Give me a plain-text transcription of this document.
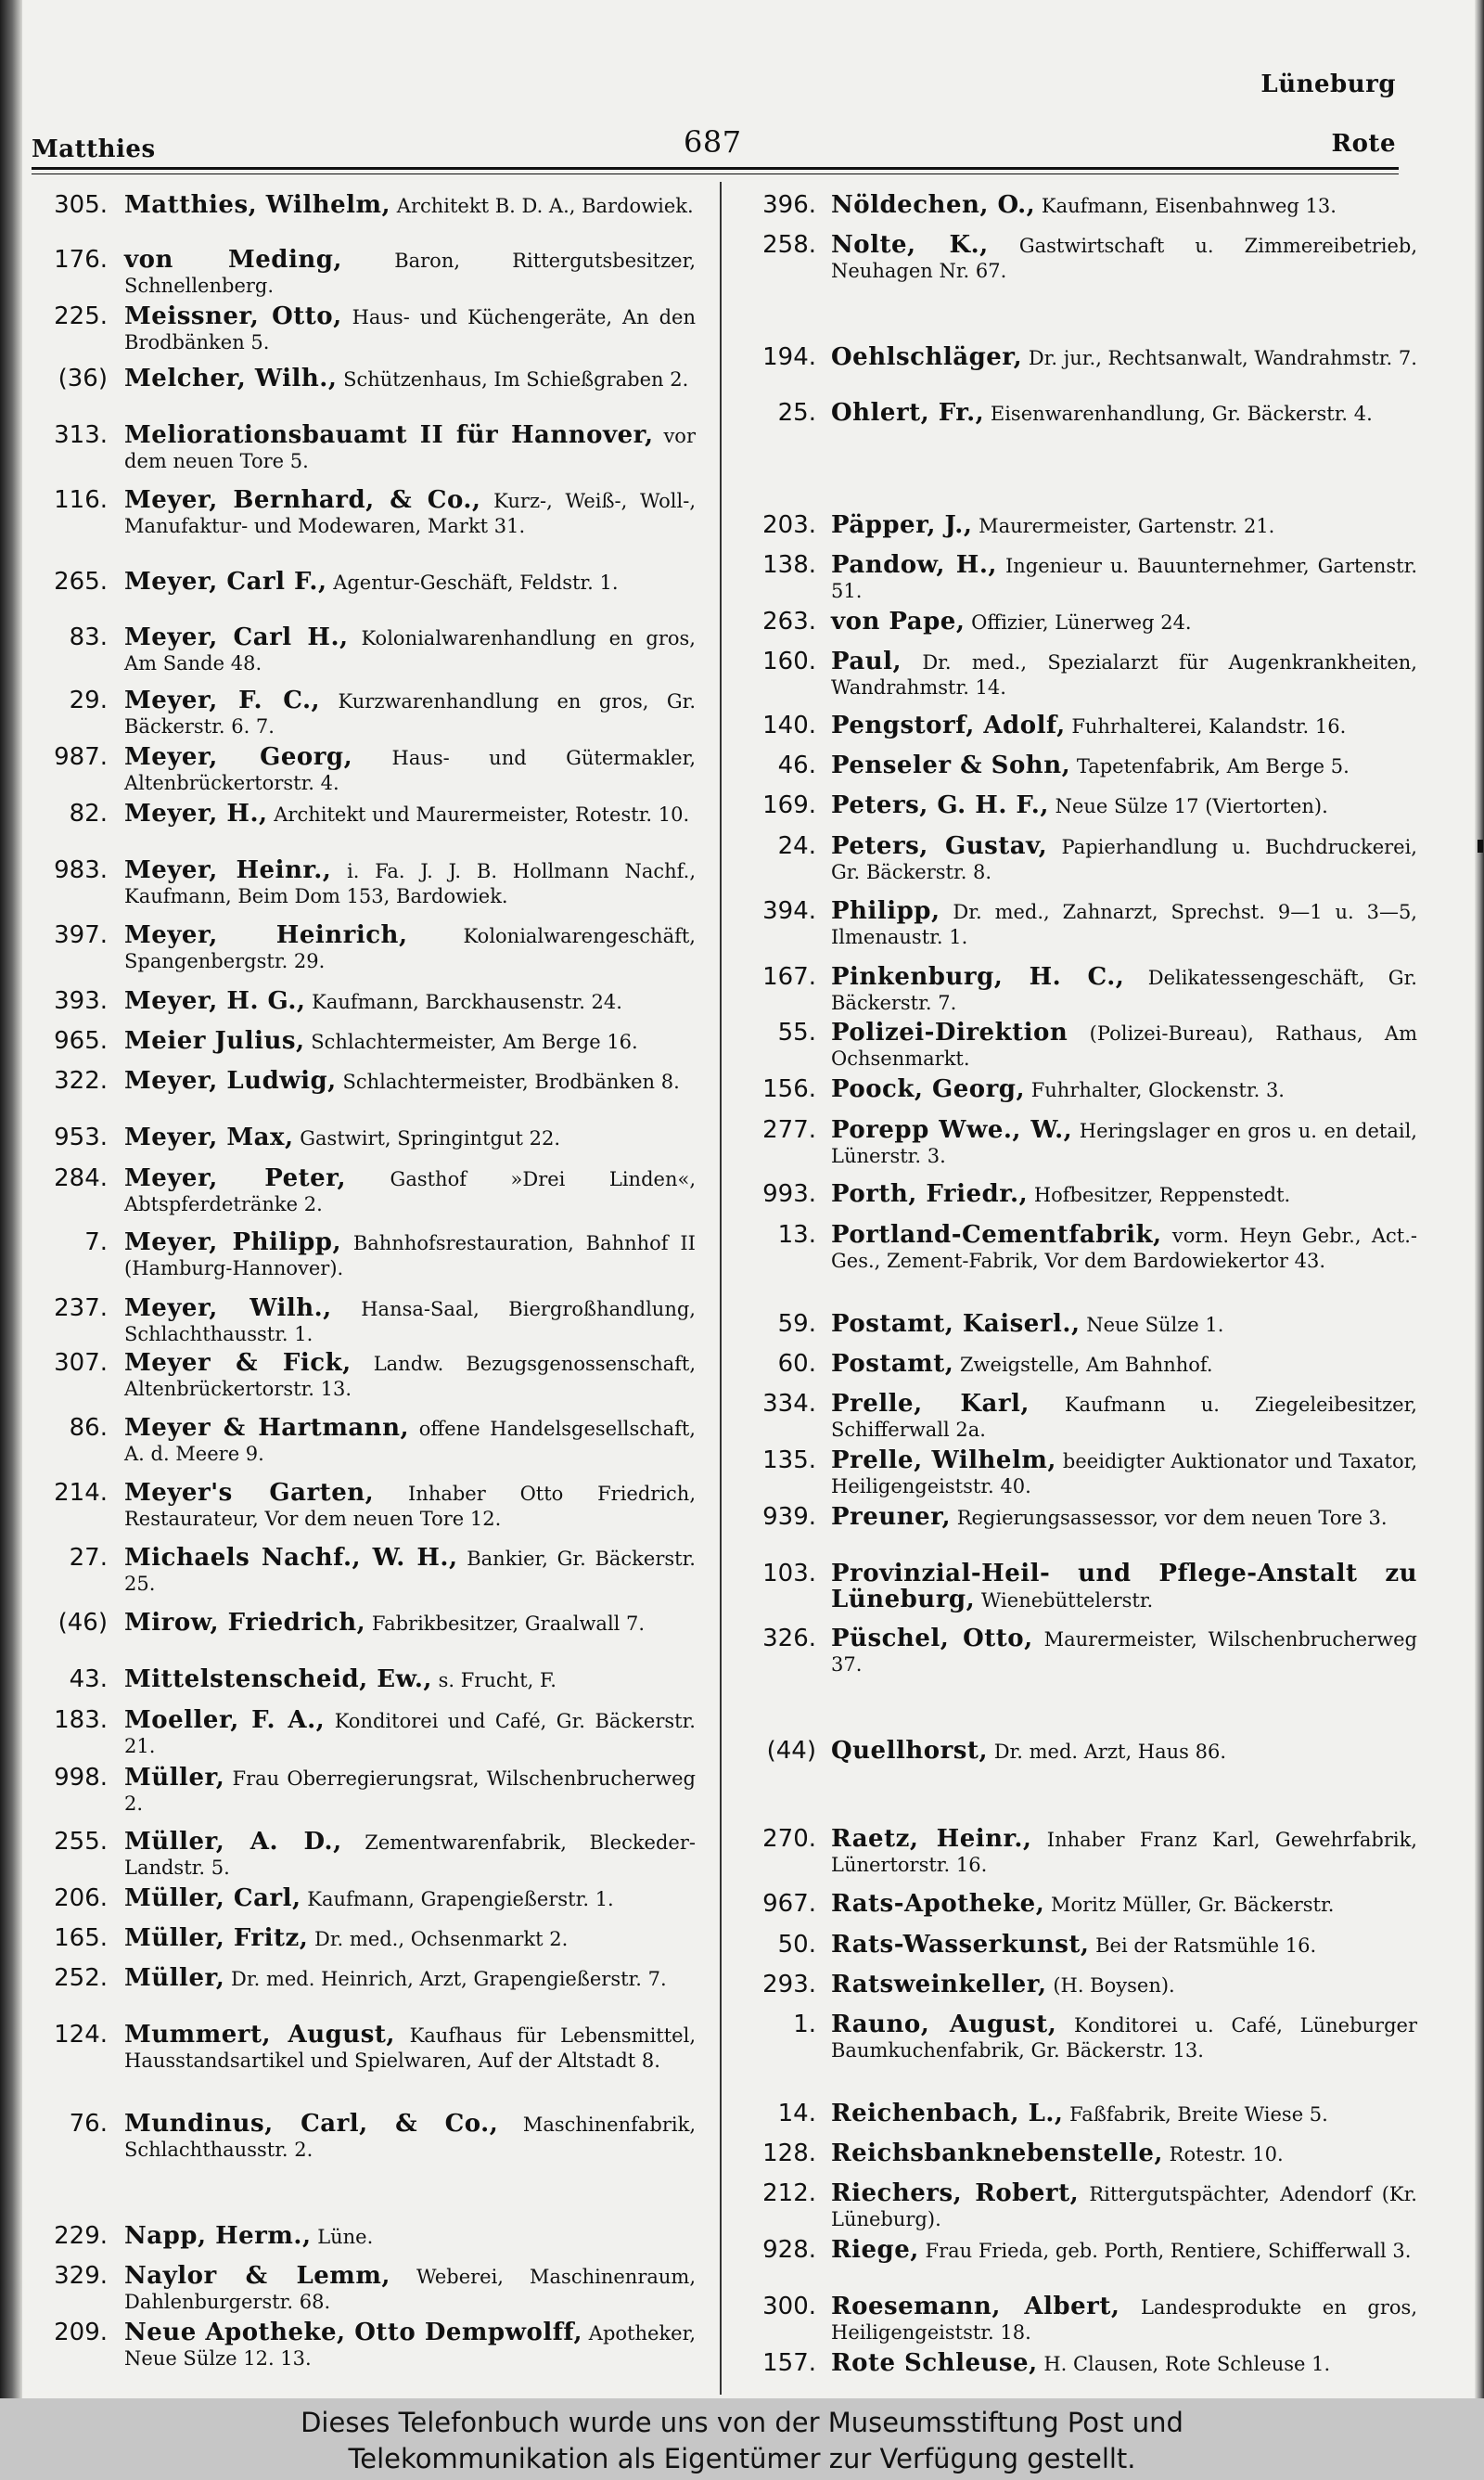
Lüneburg
Matthies	687	Rote
305. Matthies, Wilhelm, Architekt B. D. A., Bardowiek.
176. von Meding,	Baron, Rittergutsbesitzer, Schnellenberg.
225. Meissner, Otto, Haus- und Küchengeräte, An den Brodbänken 5.
(36) Melcher, Wilh., Schützenhaus, Im Schießgraben 2.
313. Meliorationsbauamt II für Hannover, vor dem neuen Tore 5.
116. Meyer, Bernhard, & Co., Kurz-, Weiß-, Woll-, Manufaktur- und Modewaren, Markt 31.
265. Meyer, Carl F., Agentur-Geschäft, Feldstr. 1.
83. Meyer, Carl H., Kolonialwarenhandlung en gros, Am Sande 48.
29. Meyer, F. C., Kurzwarenhandlung en gros, Gr. Bäckerstr. 6. 7.
987. Meyer, Georg, Haus- und Gütermakler, Altenbrückertorstr. 4.
82. Meyer, H., Architekt und Maurermeister, Rotestr. 10.
983. Meyer, Heinr., i. Fa. J. J. B. Hollmann Nachf., Kaufmann, Beim Dom 153, Bardowiek.
397. Meyer, Heinrich,	Kolonialwarengeschäft, Spangenbergstr. 29.
393. Meyer, H. G., Kaufmann, Barckhausenstr. 24.
965. Meier Julius, Schlachtermeister, Am Berge 16.
322. Meyer, Ludwig, Schlachtermeister, Brodbänken 8.
953. Meyer, Max, Gastwirt, Springintgut 22.
284. Meyer, Peter, Gasthof »Drei Linden«, Abtspferdetränke 2.
7. Meyer, Philipp, Bahnhofsrestauration, Bahnhof II (Hamburg-Hannover).
237. Meyer, Wilh., Hansa-Saal, Biergroßhandlung, Schlachthausstr. 1.
307. Meyer & Fick, Landw. Bezugsgenossenschaft, Altenbrückertorstr. 13.
86. Meyer & Hartmann, offene Handelsgesellschaft, A. d. Meere 9.
214. Meyer's Garten, Inhaber Otto Friedrich, Restaurateur, Vor dem neuen Tore 12.
27. Michaels Nachf., W. H., Bankier, Gr. Bäckerstr. 25.
(46) Mirow, Friedrich, Fabrikbesitzer, Graalwall 7.
43. Mittelstenscheid, Ew., s. Frucht, F.
183. Moeller, F. A., Konditorei und Café, Gr. Bäckerstr. 21.
998. Müller, Frau Oberregierungsrat, Wilschenbrucherweg 2.
255. Müller, A. D., Zementwarenfabrik, Bleckeder-Landstr. 5.
206. Müller, Carl, Kaufmann, Grapengießerstr. 1.
165. Müller, Fritz, Dr. med., Ochsenmarkt 2.
252. Müller, Dr. med. Heinrich, Arzt, Grapengießerstr. 7.
124. Mummert, August, Kaufhaus für Lebensmittel, Hausstandsartikel und Spielwaren, Auf der Altstadt 8.
76. Mundinus, Carl, & Co., Maschinenfabrik, Schlachthausstr. 2.
229. Napp, Herm., Lüne.
329. Naylor & Lemm, Weberei, Maschinenraum, Dahlenburgerstr. 68.
209. Neue Apotheke, Otto Dempwolff, Apotheker, Neue Sülze 12. 13.
396. Nöldechen, O., Kaufmann, Eisenbahnweg 13.
258. Nolte, K., Gastwirtschaft u. Zimmereibetrieb, Neuhagen Nr. 67.
194. Oehlschläger, Dr. jur., Rechtsanwalt, Wandrahmstr. 7.
25. Ohlert, Fr., Eisenwarenhandlung, Gr. Bäckerstr. 4.
203. Päpper, J., Maurermeister, Gartenstr. 21.
138. Pandow, H., Ingenieur u. Bauunternehmer, Gartenstr. 51.
263. von Pape, Offizier, Lünerweg 24.
160. Paul, Dr. med., Spezialarzt für Augenkrankheiten, Wandrahmstr. 14.
140. Pengstorf, Adolf, Fuhrhalterei, Kalandstr. 16.
46. Penseler & Sohn, Tapetenfabrik, Am Berge 5.
169. Peters, G. H. F., Neue Sülze 17 (Viertorten).
24. Peters, Gustav, Papierhandlung u. Buchdruckerei, Gr. Bäckerstr. 8.
394. Philipp, Dr. med., Zahnarzt, Sprechst. 9—1 u. 3—5, Ilmenaustr. 1.
167. Pinkenburg, H. C., Delikatessengeschäft, Gr. Bäckerstr. 7.
55. Polizei-Direktion (Polizei-Bureau), Rathaus, Am Ochsenmarkt.
156. Poock, Georg, Fuhrhalter, Glockenstr. 3.
277. Porepp Wwe., W., Heringslager en gros u. en detail, Lünerstr. 3.
993. Porth, Friedr., Hofbesitzer, Reppenstedt.
13. Portland-Cementfabrik, vorm. Heyn Gebr., Act.-Ges., Zement-Fabrik, Vor dem Bardowiekertor 43.
59. Postamt, Kaiserl., Neue Sülze 1.
60. Postamt, Zweigstelle, Am Bahnhof.
334. Prelle, Karl, Kaufmann u. Ziegeleibesitzer, Schifferwall 2a.
135. Prelle, Wilhelm, beeidigter Auktionator und Taxator, Heiligengeiststr. 40.
939. Preuner, Regierungsassessor, vor dem neuen Tore 3.
103. Provinzial-Heil- und Pflege-Anstalt zu Lüneburg, Wienebüttelerstr.
326. Püschel, Otto, Maurermeister, Wilschenbrucherweg 37.
(44) Quellhorst, Dr. med. Arzt, Haus 86.
270. Raetz, Heinr., Inhaber Franz Karl, Gewehrfabrik, Lünertorstr. 16.
967. Rats-Apotheke, Moritz Müller, Gr. Bäckerstr.
50. Rats-Wasserkunst, Bei der Ratsmühle 16.
293. Ratsweinkeller, (H. Boysen).
1. Rauno, August, Konditorei u. Café, Lüneburger Baumkuchenfabrik, Gr. Bäckerstr. 13.
14. Reichenbach, L., Faßfabrik, Breite Wiese 5.
128. Reichsbanknebenstelle, Rotestr. 10.
212. Riechers, Robert, Rittergutspächter, Adendorf (Kr. Lüneburg).
928. Riege, Frau Frieda, geb. Porth, Rentiere, Schifferwall 3.
300. Roesemann, Albert, Landesprodukte en gros, Heiligengeiststr. 18.
157. Rote Schleuse, H. Clausen, Rote Schleuse 1.
Dieses Telefonbuch wurde uns von der Museumsstiftung Post und
Telekommunikation als Eigentümer zur Verfügung gestellt.
